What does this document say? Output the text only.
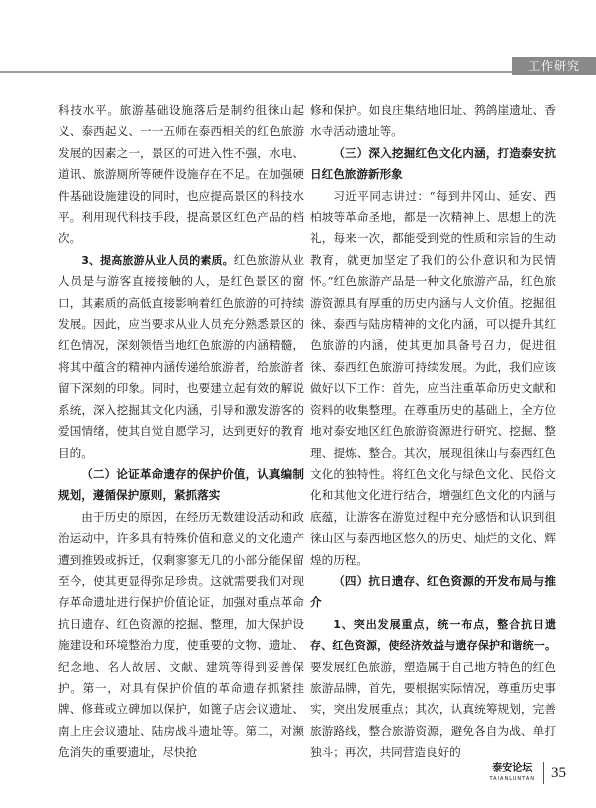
工作研究

科技水平。旅游基础设施落后是制约徂徕山起义、泰西起义、一一五师在泰西相关的红色旅游发展的因素之一，景区的可进入性不强，水电、道讯、旅游厕所等硬件设施存在不足。在加强硬件基础设施建设的同时，也应提高景区的科技水平。利用现代科技手段，提高景区红色产品的档次。

3、提高旅游从业人员的素质。红色旅游从业人员是与游客直接接触的人，是红色景区的窗口，其素质的高低直接影响着红色旅游的可持续发展。因此，应当要求从业人员充分熟悉景区的红色情况，深刻领悟当地红色旅游的内涵精髓，将其中蕴含的精神内涵传递给旅游者，给旅游者留下深刻的印象。同时，也要建立起有效的解说系统，深入挖掘其文化内涵，引导和激发游客的爱国情绪，使其自觉自愿学习，达到更好的教育目的。

（二）论证革命遗存的保护价值，认真编制规划，遵循保护原则，紧抓落实

由于历史的原因，在经历无数建设活动和政治运动中，许多具有特殊价值和意义的文化遗产遭到推毁或拆迁，仅剩寥寥无几的小部分能保留至今，使其更显得弥足珍贵。这就需要我们对现存革命遗址进行保护价值论证，加强对重点革命抗日遗存、红色资源的挖掘、整理，加大保护设施建设和环境整治力度，使重要的文物、遗址、纪念地、名人故居、文献、建筑等得到妥善保护。第一，对具有保护价值的革命遗存抓紧挂牌、修葺或立碑加以保护，如篦子店会议遗址、南上庄会议遗址、陆房战斗遗址等。第二，对濒危消失的重要遗址，尽快抢

修和保护。如良庄集结地旧址、鹁鸽崖遗址、香水寺活动遗址等。

（三）深入挖掘红色文化内涵，打造泰安抗日红色旅游新形象

习近平同志讲过：“每到井冈山、延安、西柏坡等革命圣地，都是一次精神上、思想上的洗礼，每来一次，都能受到党的性质和宗旨的生动教育，就更加坚定了我们的公仆意识和为民情怀。”红色旅游产品是一种文化旅游产品，红色旅游资源具有厚重的历史内涵与人文价值。挖掘徂徕、泰西与陆房精神的文化内涵，可以提升其红色旅游的内涵，使其更加具备号召力，促进徂徕、泰西红色旅游可持续发展。为此，我们应该做好以下工作：首先，应当注重革命历史文献和资料的收集整理。在尊重历史的基础上，全方位地对泰安地区红色旅游资源进行研究、挖掘、整理、提炼、整合。其次，展现徂徕山与泰西红色文化的独特性。将红色文化与绿色文化、民俗文化和其他文化进行结合，增强红色文化的内涵与底蕴，让游客在游览过程中充分感悟和认识到徂徕山区与泰西地区悠久的历史、灿烂的文化、辉煌的历程。

（四）抗日遗存、红色资源的开发布局与推介

1、突出发展重点，统一布点，整合抗日遗存、红色资源，使经济效益与遗存保护和谐统一。要发展红色旅游，塑造属于自己地方特色的红色旅游品牌，首先，要根据实际情况，尊重历史事实，突出发展重点；其次，认真统筹规划，完善旅游路线，整合旅游资源，避免各自为战、单打独斗；再次，共同营造良好的

泰安论坛
TAIANLUNTAN 35
